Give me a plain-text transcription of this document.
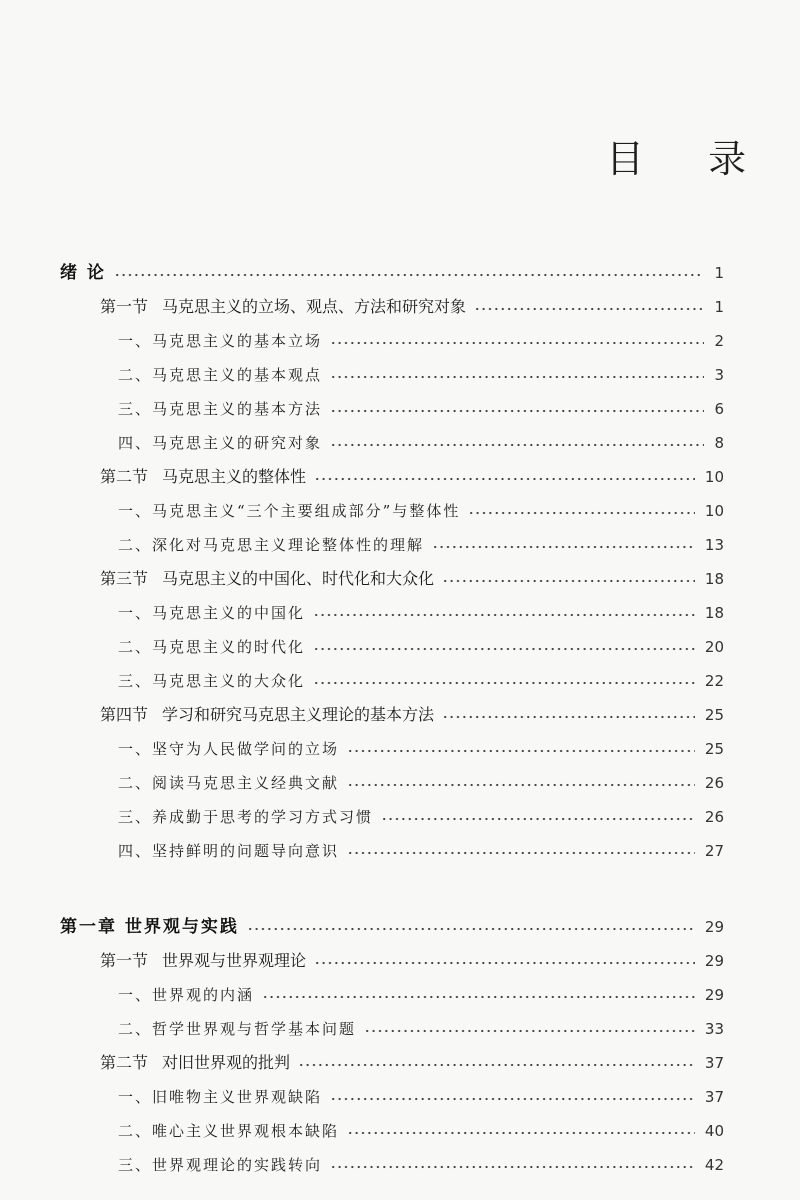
目 录
绪 论	1
第一节 马克思主义的立场、观点、方法和研究对象	1
一、马克思主义的基本立场	2
二、马克思主义的基本观点	3
三、马克思主义的基本方法	6
四、马克思主义的研究对象	8
第二节 马克思主义的整体性	10
一、马克思主义“三个主要组成部分”与整体性	10
二、深化对马克思主义理论整体性的理解	13
第三节 马克思主义的中国化、时代化和大众化	18
一、马克思主义的中国化	18
二、马克思主义的时代化	20
三、马克思主义的大众化	22
第四节 学习和研究马克思主义理论的基本方法	25
一、坚守为人民做学问的立场	25
二、阅读马克思主义经典文献	26
三、养成勤于思考的学习方式习惯	26
四、坚持鲜明的问题导向意识	27
第一章 世界观与实践	29
第一节 世界观与世界观理论	29
一、世界观的内涵	29
二、哲学世界观与哲学基本问题	33
第二节 对旧世界观的批判	37
一、旧唯物主义世界观缺陷	37
二、唯心主义世界观根本缺陷	40
三、世界观理论的实践转向	42
